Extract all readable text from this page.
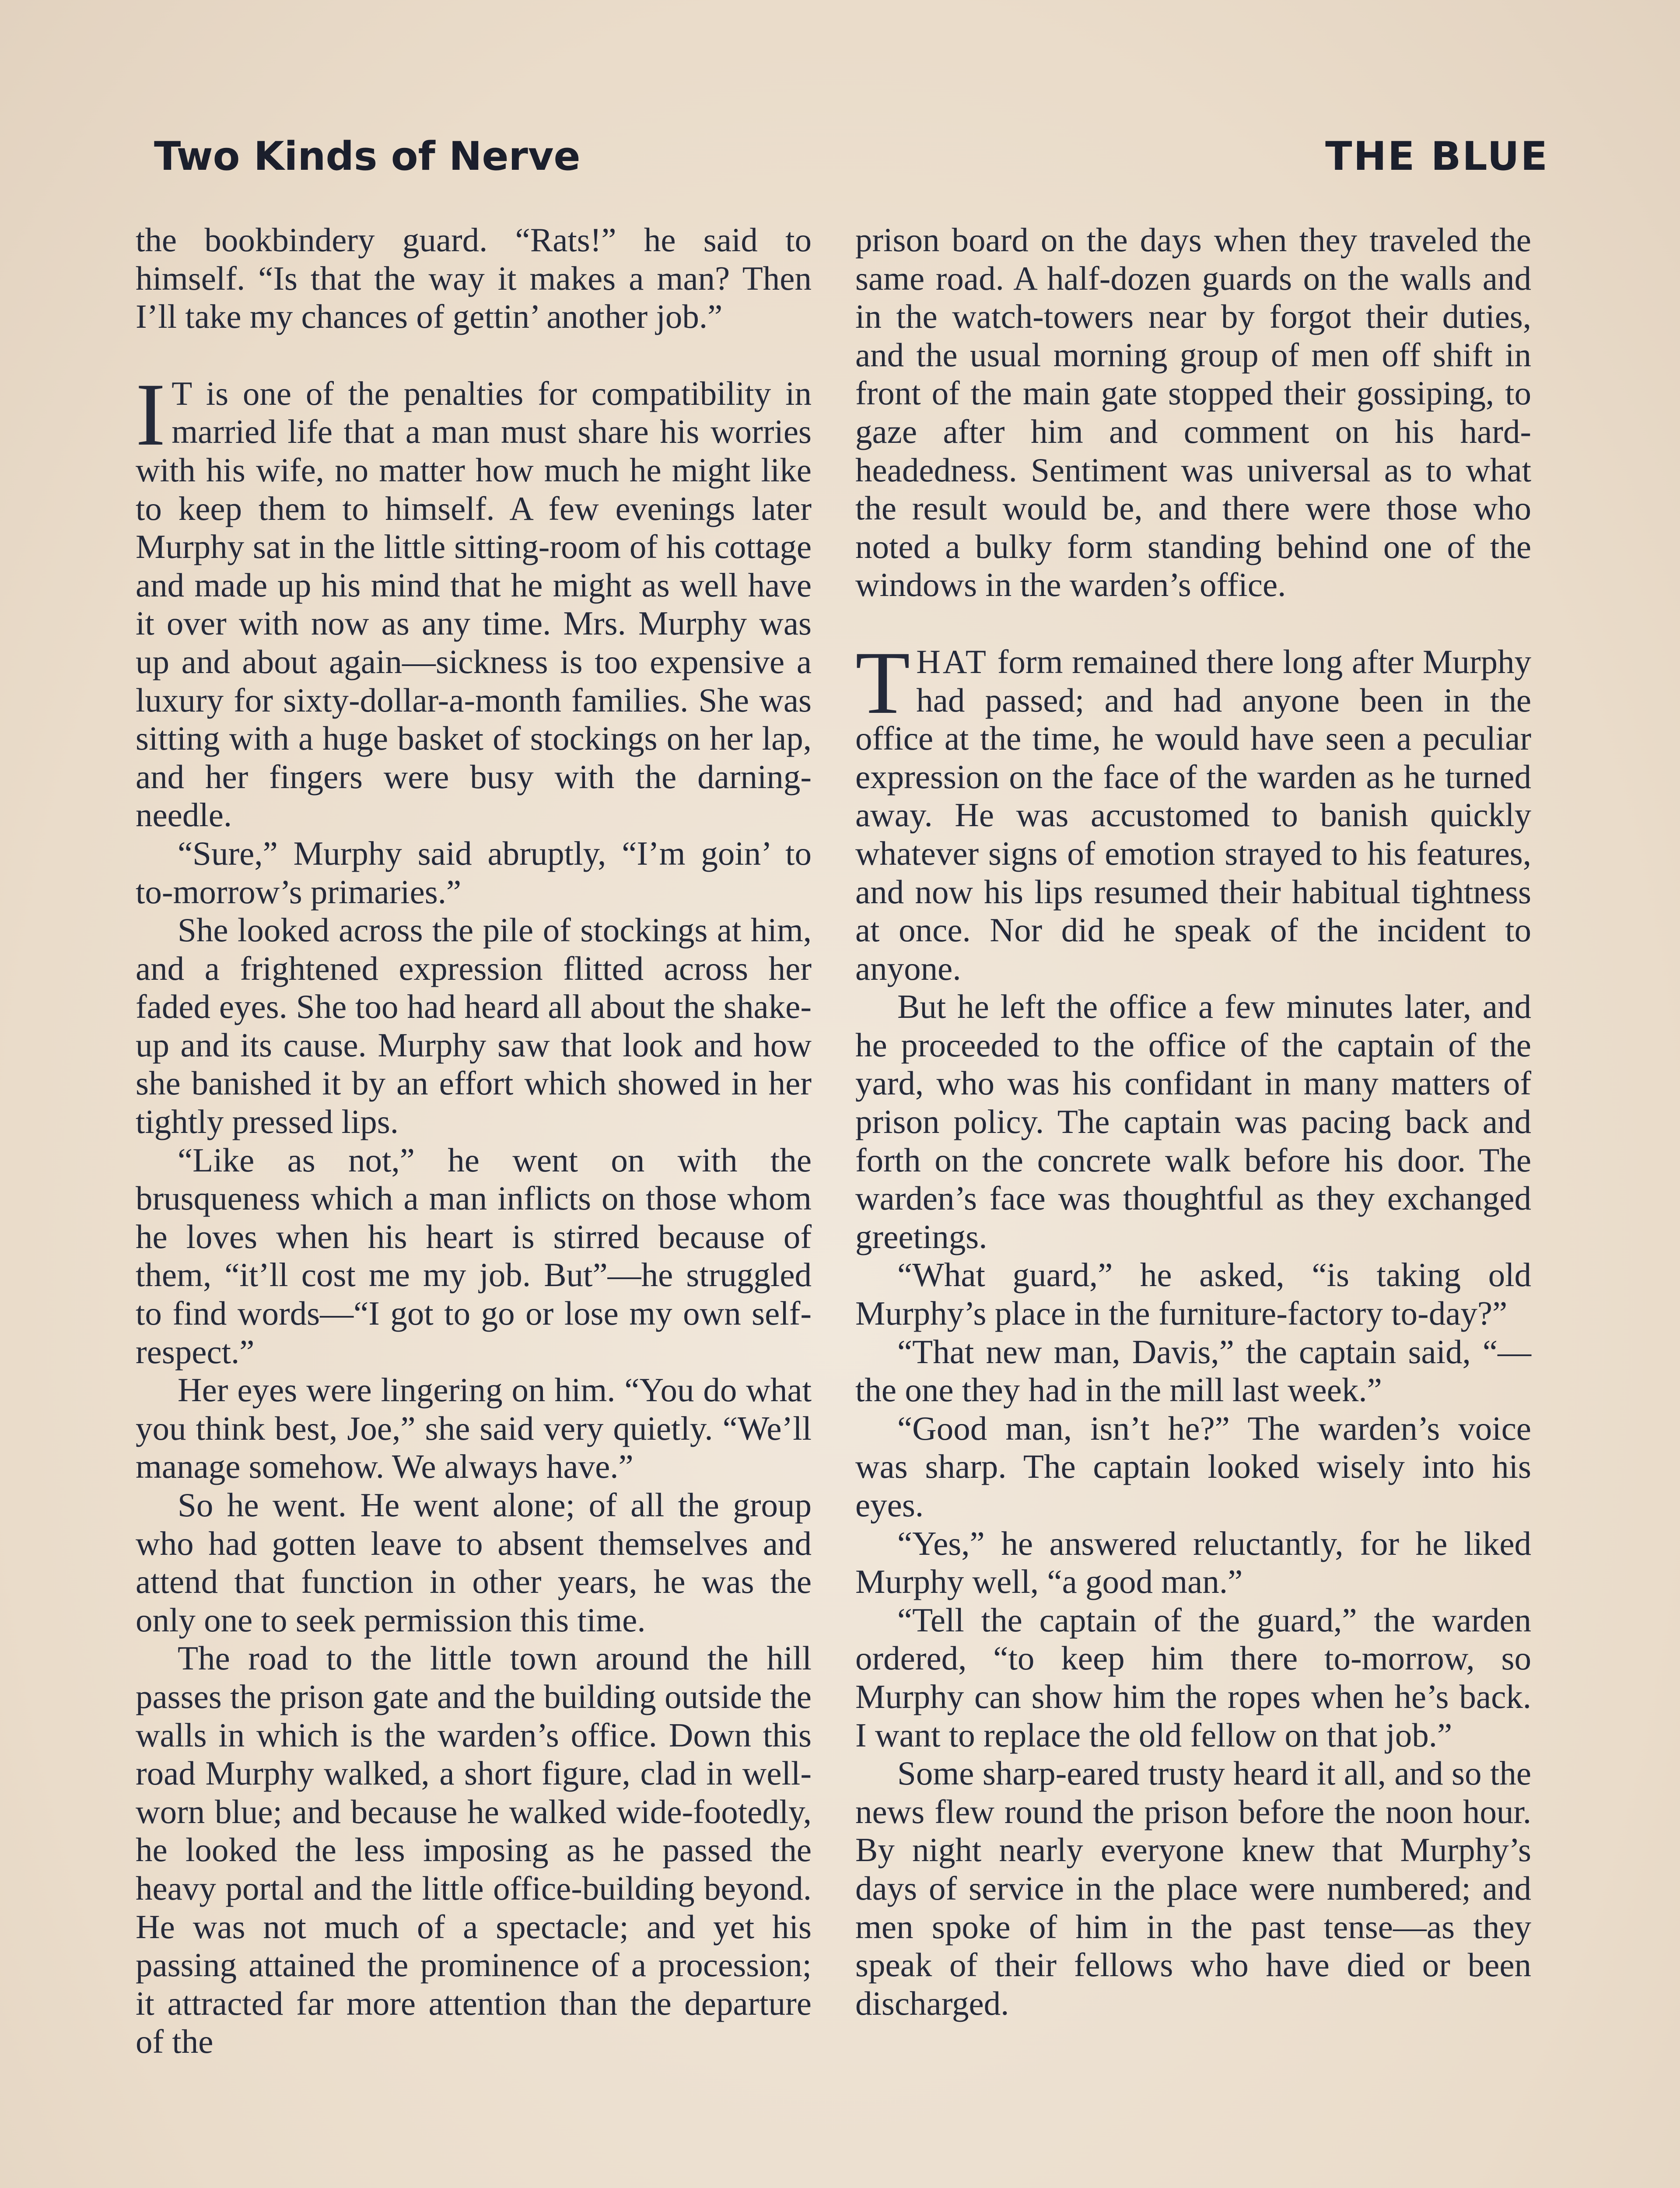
Two Kinds of Nerve	THE BLUE

the bookbindery guard. “Rats!” he said to himself. “Is that the way it makes a man? Then I’ll take my chances of gettin’ another job.”

I T is one of the penalties for compatibility in married life that a man must share his worries with his wife, no matter how much he might like to keep them to himself. A few evenings later Murphy sat in the little sitting-room of his cottage and made up his mind that he might as well have it over with now as any time. Mrs. Murphy was up and about again—sickness is too expensive a luxury for sixty-dollar-a-month families. She was sitting with a huge basket of stockings on her lap, and her fingers were busy with the darning-needle.

“Sure,” Murphy said abruptly, “I’m goin’ to to-morrow’s primaries.”

She looked across the pile of stockings at him, and a frightened expression flitted across her faded eyes. She too had heard all about the shake-up and its cause. Murphy saw that look and how she banished it by an effort which showed in her tightly pressed lips.

“Like as not,” he went on with the brusqueness which a man inflicts on those whom he loves when his heart is stirred because of them, “it’ll cost me my job. But”—he struggled to find words—“I got to go or lose my own self-respect.”

Her eyes were lingering on him. “You do what you think best, Joe,” she said very quietly. “We’ll manage somehow. We always have.”

So he went. He went alone; of all the group who had gotten leave to absent themselves and attend that function in other years, he was the only one to seek permission this time.

The road to the little town around the hill passes the prison gate and the building outside the walls in which is the warden’s office. Down this road Murphy walked, a short figure, clad in well-worn blue; and because he walked wide-footedly, he looked the less imposing as he passed the heavy portal and the little office-building beyond. He was not much of a spectacle; and yet his passing attained the prominence of a procession; it attracted far more attention than the departure of the

prison board on the days when they traveled the same road. A half-dozen guards on the walls and in the watch-towers near by forgot their duties, and the usual morning group of men off shift in front of the main gate stopped their gossiping, to gaze after him and comment on his hard-headedness. Sentiment was universal as to what the result would be, and there were those who noted a bulky form standing behind one of the windows in the warden’s office.

THAT form remained there long after Murphy had passed; and had anyone been in the office at the time, he would have seen a peculiar expression on the face of the warden as he turned away. He was accustomed to banish quickly whatever signs of emotion strayed to his features, and now his lips resumed their habitual tightness at once. Nor did he speak of the incident to anyone.

But he left the office a few minutes later, and he proceeded to the office of the captain of the yard, who was his confidant in many matters of prison policy. The captain was pacing back and forth on the concrete walk before his door. The warden’s face was thoughtful as they exchanged greetings.

“What guard,” he asked, “is taking old Murphy’s place in the furniture-factory to-day?”

“That new man, Davis,” the captain said, “—the one they had in the mill last week.”

“Good man, isn’t he?” The warden’s voice was sharp. The captain looked wisely into his eyes.

“Yes,” he answered reluctantly, for he liked Murphy well, “a good man.”

“Tell the captain of the guard,” the warden ordered, “to keep him there to-morrow, so Murphy can show him the ropes when he’s back. I want to replace the old fellow on that job.”

Some sharp-eared trusty heard it all, and so the news flew round the prison before the noon hour. By night nearly everyone knew that Murphy’s days of service in the place were numbered; and men spoke of him in the past tense—as they speak of their fellows who have died or been discharged.
